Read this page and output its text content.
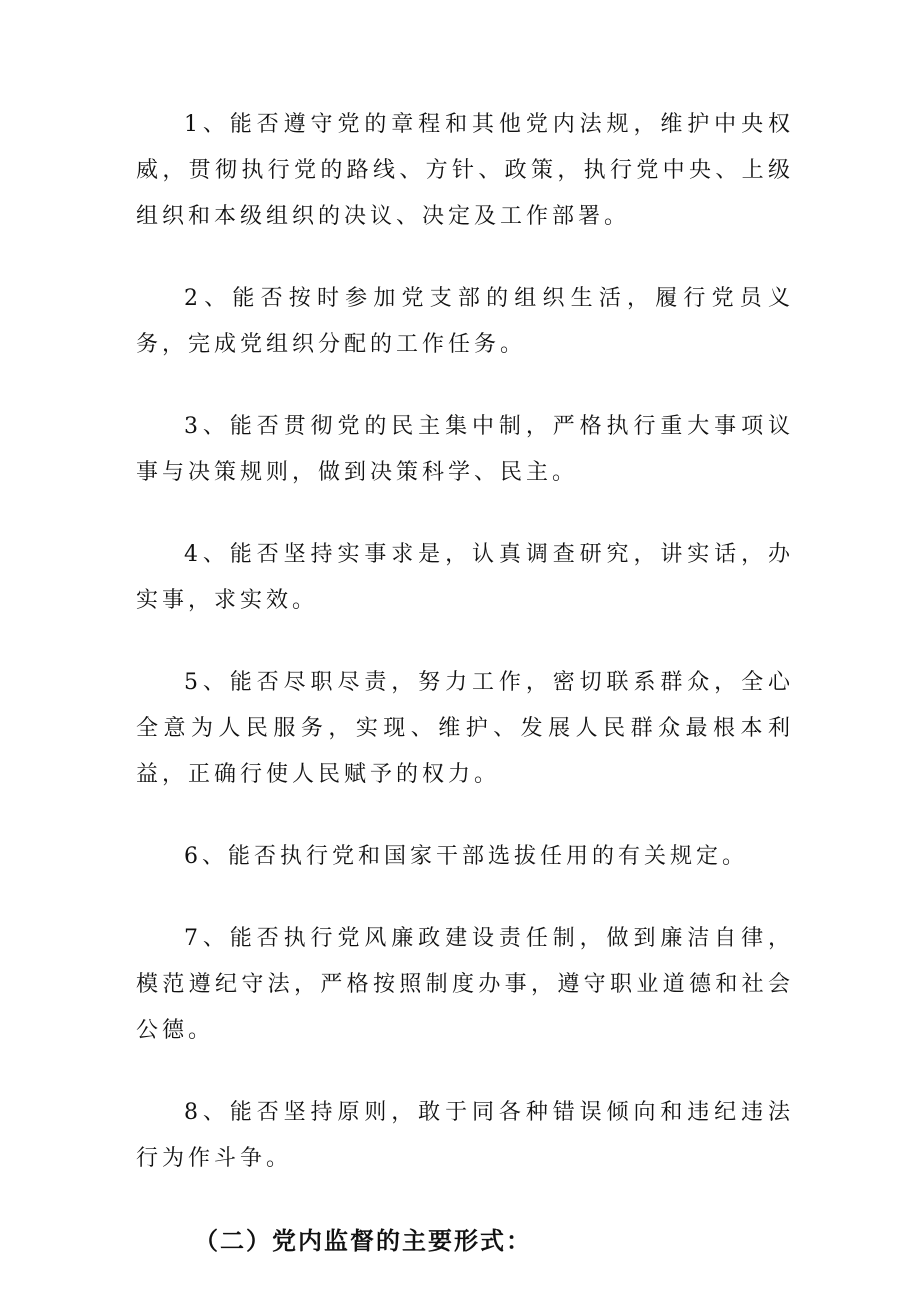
1、能否遵守党的章程和其他党内法规，维护中央权威，贯彻执行党的路线、方针、政策，执行党中央、上级组织和本级组织的决议、决定及工作部署。

2、能否按时参加党支部的组织生活，履行党员义务，完成党组织分配的工作任务。

3、能否贯彻党的民主集中制，严格执行重大事项议事与决策规则，做到决策科学、民主。

4、能否坚持实事求是，认真调查研究，讲实话，办实事，求实效。

5、能否尽职尽责，努力工作，密切联系群众，全心全意为人民服务，实现、维护、发展人民群众最根本利益，正确行使人民赋予的权力。

6、能否执行党和国家干部选拔任用的有关规定。

7、能否执行党风廉政建设责任制，做到廉洁自律，模范遵纪守法，严格按照制度办事，遵守职业道德和社会公德。

8、能否坚持原则，敢于同各种错误倾向和违纪违法行为作斗争。

（二）党内监督的主要形式：
